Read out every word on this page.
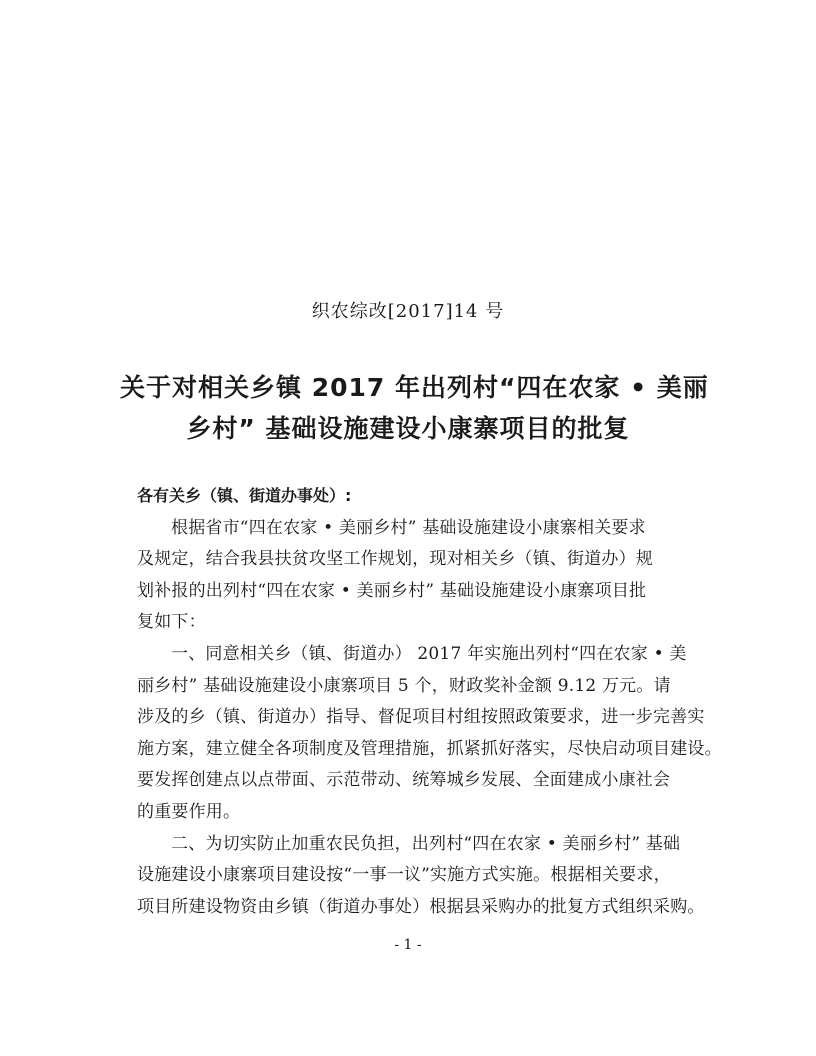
织农综改[2017]14 号
关于对相关乡镇 2017 年出列村“四在农家 • 美丽
乡村” 基础设施建设小康寨项目的批复

各有关乡（镇、街道办事处）:

根据省市“四在农家 • 美丽乡村” 基础设施建设小康寨相关要求
及规定，结合我县扶贫攻坚工作规划，现对相关乡（镇、街道办）规
划补报的出列村“四在农家 • 美丽乡村” 基础设施建设小康寨项目批
复如下：

一、同意相关乡（镇、街道办） 2017 年实施出列村“四在农家 • 美
丽乡村” 基础设施建设小康寨项目 5 个，财政奖补金额 9.12 万元。请
涉及的乡（镇、街道办）指导、督促项目村组按照政策要求，进一步完善实
施方案，建立健全各项制度及管理措施，抓紧抓好落实，尽快启动项目建设。
要发挥创建点以点带面、示范带动、统筹城乡发展、全面建成小康社会
的重要作用。

二、为切实防止加重农民负担，出列村“四在农家 • 美丽乡村” 基础
设施建设小康寨项目建设按“一事一议”实施方式实施。根据相关要求，
项目所建设物资由乡镇（街道办事处）根据县采购办的批复方式组织采购。

- 1 -
